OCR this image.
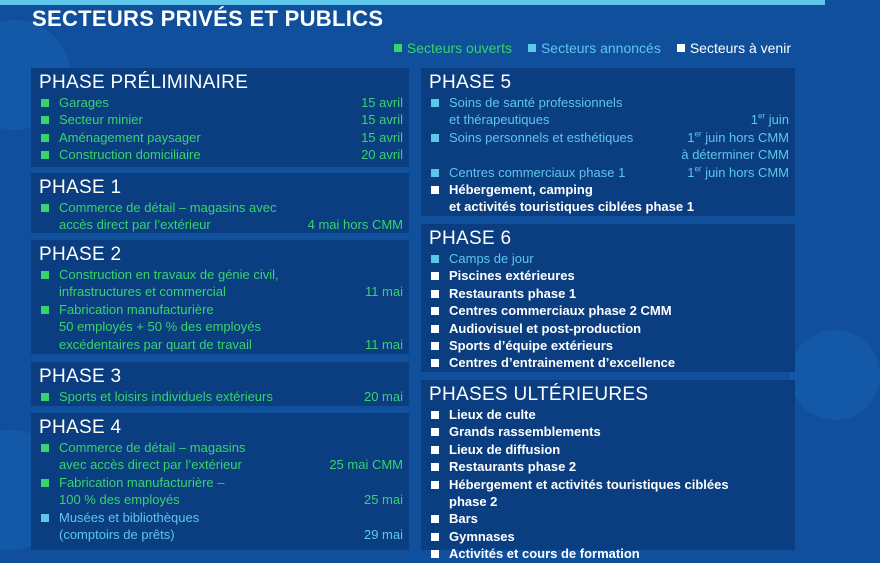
SECTEURS PRIVÉS ET PUBLICS
Secteurs ouverts Secteurs annoncés Secteurs à venir
PHASE PRÉLIMINAIRE
Garages	15 avril
Secteur minier	15 avril
Aménagement paysager	15 avril
Construction domiciliaire	20 avril
PHASE 1
Commerce de détail – magasins avec
accès direct par l’extérieur	4 mai hors CMM
PHASE 2
Construction en travaux de génie civil,
infrastructures et commercial	11 mai
Fabrication manufacturière
50 employés + 50 % des employés
excédentaires par quart de travail	11 mai
PHASE 3
Sports et loisirs individuels extérieurs	20 mai
PHASE 4
Commerce de détail – magasins
avec accès direct par l’extérieur	25 mai CMM
Fabrication manufacturière –
100 % des employés	25 mai
Musées et bibliothèques
(comptoirs de prêts)	29 mai
PHASE 5
Soins de santé professionnels
et thérapeutiques	1er juin
Soins personnels et esthétiques	1er juin hors CMM
à déterminer CMM
Centres commerciaux phase 1	1er juin hors CMM
Hébergement, camping
et activités touristiques ciblées phase 1
PHASE 6
Camps de jour
Piscines extérieures
Restaurants phase 1
Centres commerciaux phase 2 CMM
Audiovisuel et post-production
Sports d’équipe extérieurs
Centres d’entrainement d’excellence
PHASES ULTÉRIEURES
Lieux de culte
Grands rassemblements
Lieux de diffusion
Restaurants phase 2
Hébergement et activités touristiques ciblées
phase 2
Bars
Gymnases
Activités et cours de formation
